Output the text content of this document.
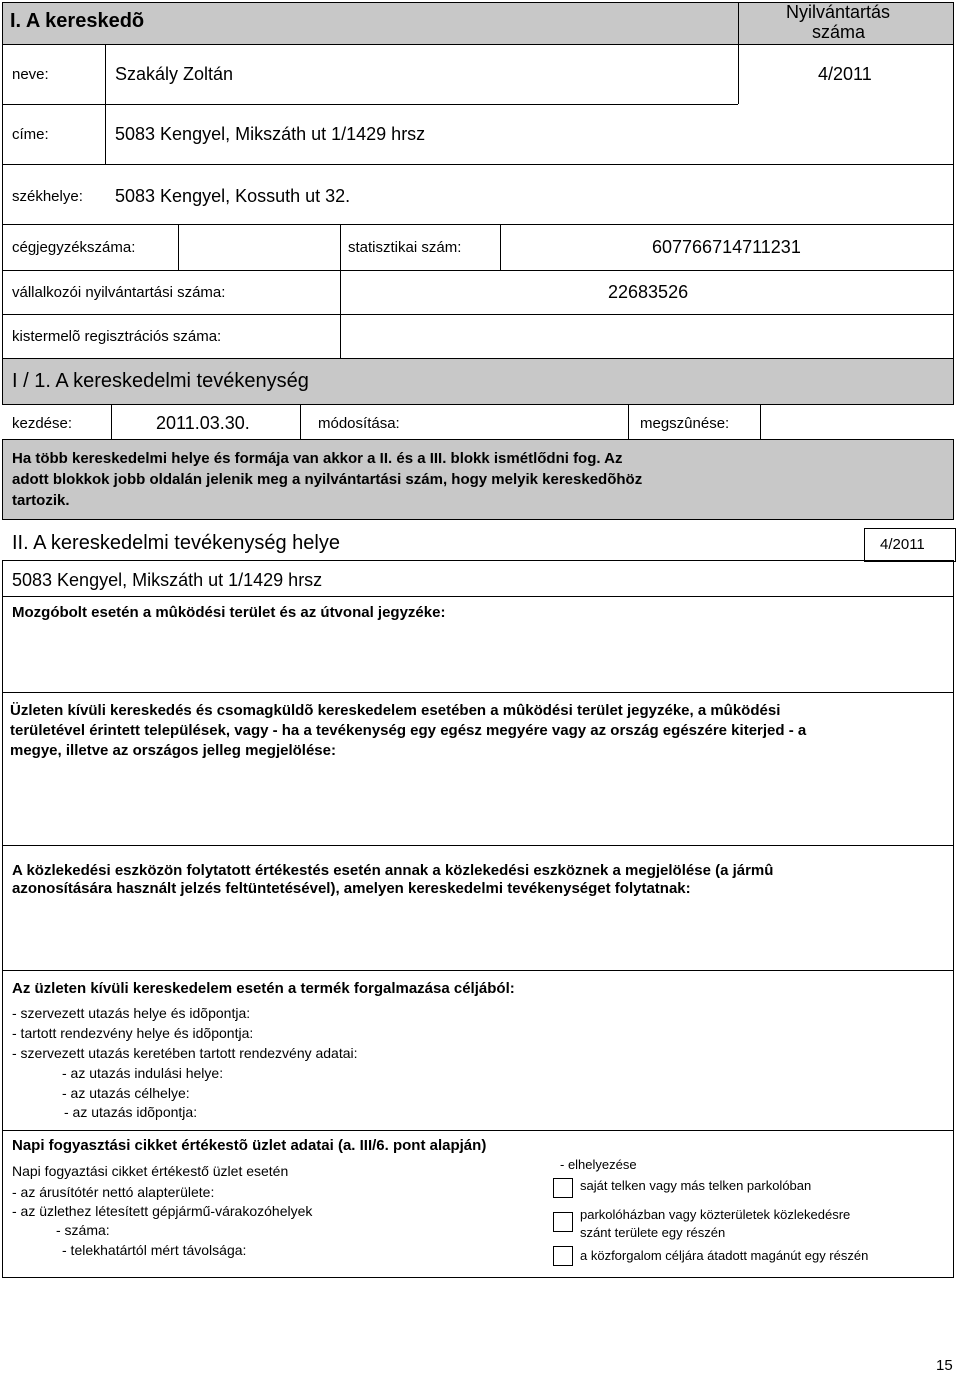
I. A kereskedõ	Nyilvántartás
száma
neve:	Szakály Zoltán	4/2011
címe:	5083 Kengyel, Mikszáth ut 1/1429 hrsz
székhelye: 5083 Kengyel, Kossuth ut 32.
cégjegyzékszáma:	statisztikai szám:	607766714711231
vállalkozói nyilvántartási száma:	22683526
kistermelõ regisztrációs száma:
I / 1. A kereskedelmi tevékenység
kezdése:	2011.03.30.	módosítása:	megszûnése:
Ha több kereskedelmi helye és formája van akkor a II. és a III. blokk ismétlődni fog. Az
adott blokkok jobb oldalán jelenik meg a nyilvántartási szám, hogy melyik kereskedõhöz
tartozik.
II. A kereskedelmi tevékenység helye	4/2011
5083 Kengyel, Mikszáth ut 1/1429 hrsz
Mozgóbolt esetén a mûködési terület és az útvonal jegyzéke:
Üzleten kívüli kereskedés és csomagküldõ kereskedelem esetében a mûködési terület jegyzéke, a mûködési
területével érintett települések, vagy - ha a tevékenység egy egész megyére vagy az ország egészére kiterjed - a
megye, illetve az országos jelleg megjelölése:
A közlekedési eszközön folytatott értékestés esetén annak a közlekedési eszköznek a megjelölése (a jármû
azonosítására használt jelzés feltüntetésével), amelyen kereskedelmi tevékenységet folytatnak:
Az üzleten kívüli kereskedelem esetén a termék forgalmazása céljából:
- szervezett utazás helye és idõpontja:
- tartott rendezvény helye és idõpontja:
- szervezett utazás keretében tartott rendezvény adatai:
- az utazás indulási helye:
- az utazás célhelye:
- az utazás idõpontja:
Napi fogyasztási cikket értékestõ üzlet adatai (a. III/6. pont alapján)
Napi fogyaztási cikket értékestő üzlet esetén
- az árusítótér nettó alapterülete:
- az üzlethez létesített gépjármű-várakozóhelyek
- száma:
- telekhatártól mért távolsága:
- elhelyezése
saját telken vagy más telken parkolóban
parkolóházban vagy közterületek közlekedésre
szánt területe egy részén
a közforgalom céljára átadott magánút egy részén
15
